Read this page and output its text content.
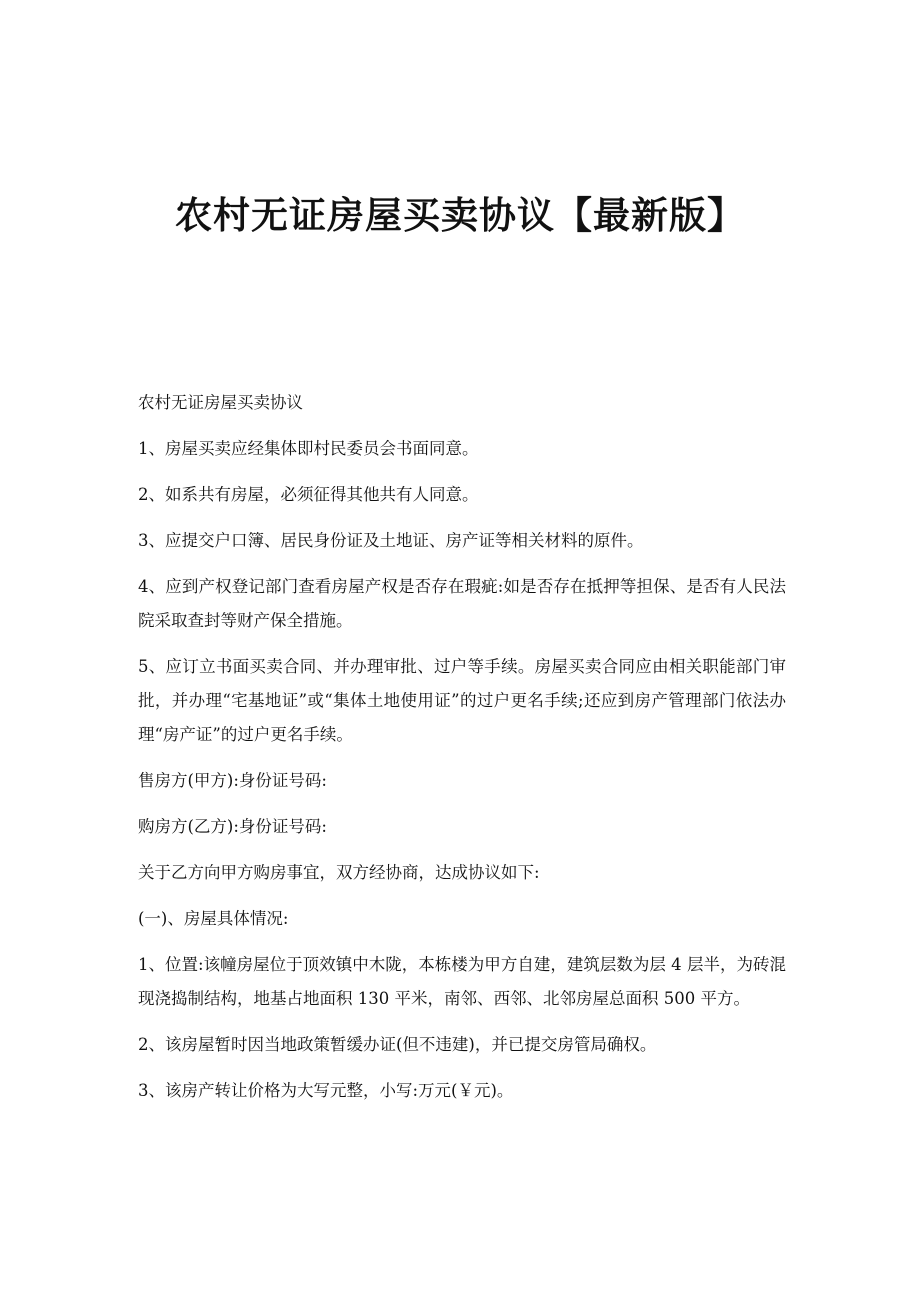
农村无证房屋买卖协议【最新版】

农村无证房屋买卖协议

1、房屋买卖应经集体即村民委员会书面同意。

2、如系共有房屋，必须征得其他共有人同意。

3、应提交户口簿、居民身份证及土地证、房产证等相关材料的原件。

4、应到产权登记部门查看房屋产权是否存在瑕疵:如是否存在抵押等担保、是否有人民法院采取查封等财产保全措施。

5、应订立书面买卖合同、并办理审批、过户等手续。房屋买卖合同应由相关职能部门审批，并办理“宅基地证”或“集体土地使用证”的过户更名手续;还应到房产管理部门依法办理“房产证”的过户更名手续。

售房方(甲方):身份证号码:

购房方(乙方):身份证号码:

关于乙方向甲方购房事宜，双方经协商，达成协议如下:

(一)、房屋具体情况:

1、位置:该幢房屋位于顶效镇中木陇，本栋楼为甲方自建，建筑层数为层 4 层半，为砖混现浇捣制结构，地基占地面积 130 平米，南邻、西邻、北邻房屋总面积 500 平方。

2、该房屋暂时因当地政策暂缓办证(但不违建)，并已提交房管局确权。

3、该房产转让价格为大写元整，小写:万元(￥元)。
